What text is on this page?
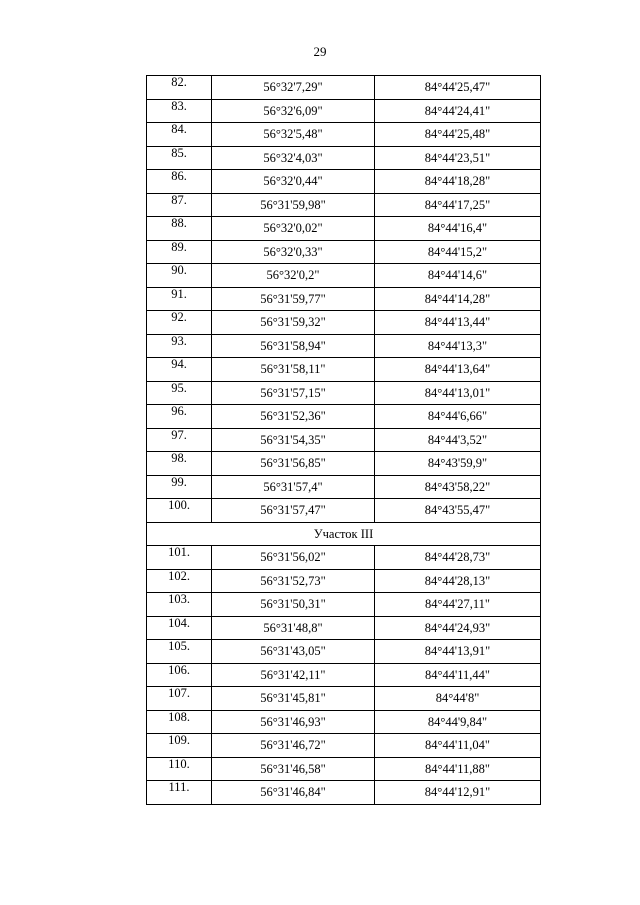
29
82.	56°32'7,29"	84°44'25,47"
83.	56°32'6,09"	84°44'24,41"
84.	56°32'5,48"	84°44'25,48"
85.	56°32'4,03"	84°44'23,51"
86.	56°32'0,44"	84°44'18,28"
87.	56°31'59,98"	84°44'17,25"
88.	56°32'0,02"	84°44'16,4"
89.	56°32'0,33"	84°44'15,2"
90.	56°32'0,2"	84°44'14,6"
91.	56°31'59,77"	84°44'14,28"
92.	56°31'59,32"	84°44'13,44"
93.	56°31'58,94"	84°44'13,3"
94.	56°31'58,11"	84°44'13,64"
95.	56°31'57,15"	84°44'13,01"
96.	56°31'52,36"	84°44'6,66"
97.	56°31'54,35"	84°44'3,52"
98.	56°31'56,85"	84°43'59,9"
99.	56°31'57,4"	84°43'58,22"
100.	56°31'57,47"	84°43'55,47"
Участок III		
101.	56°31'56,02"	84°44'28,73"
102.	56°31'52,73"	84°44'28,13"
103.	56°31'50,31"	84°44'27,11"
104.	56°31'48,8"	84°44'24,93"
105.	56°31'43,05"	84°44'13,91"
106.	56°31'42,11"	84°44'11,44"
107.	56°31'45,81"	84°44'8"
108.	56°31'46,93"	84°44'9,84"
109.	56°31'46,72"	84°44'11,04"
110.	56°31'46,58"	84°44'11,88"
111.	56°31'46,84"	84°44'12,91"
